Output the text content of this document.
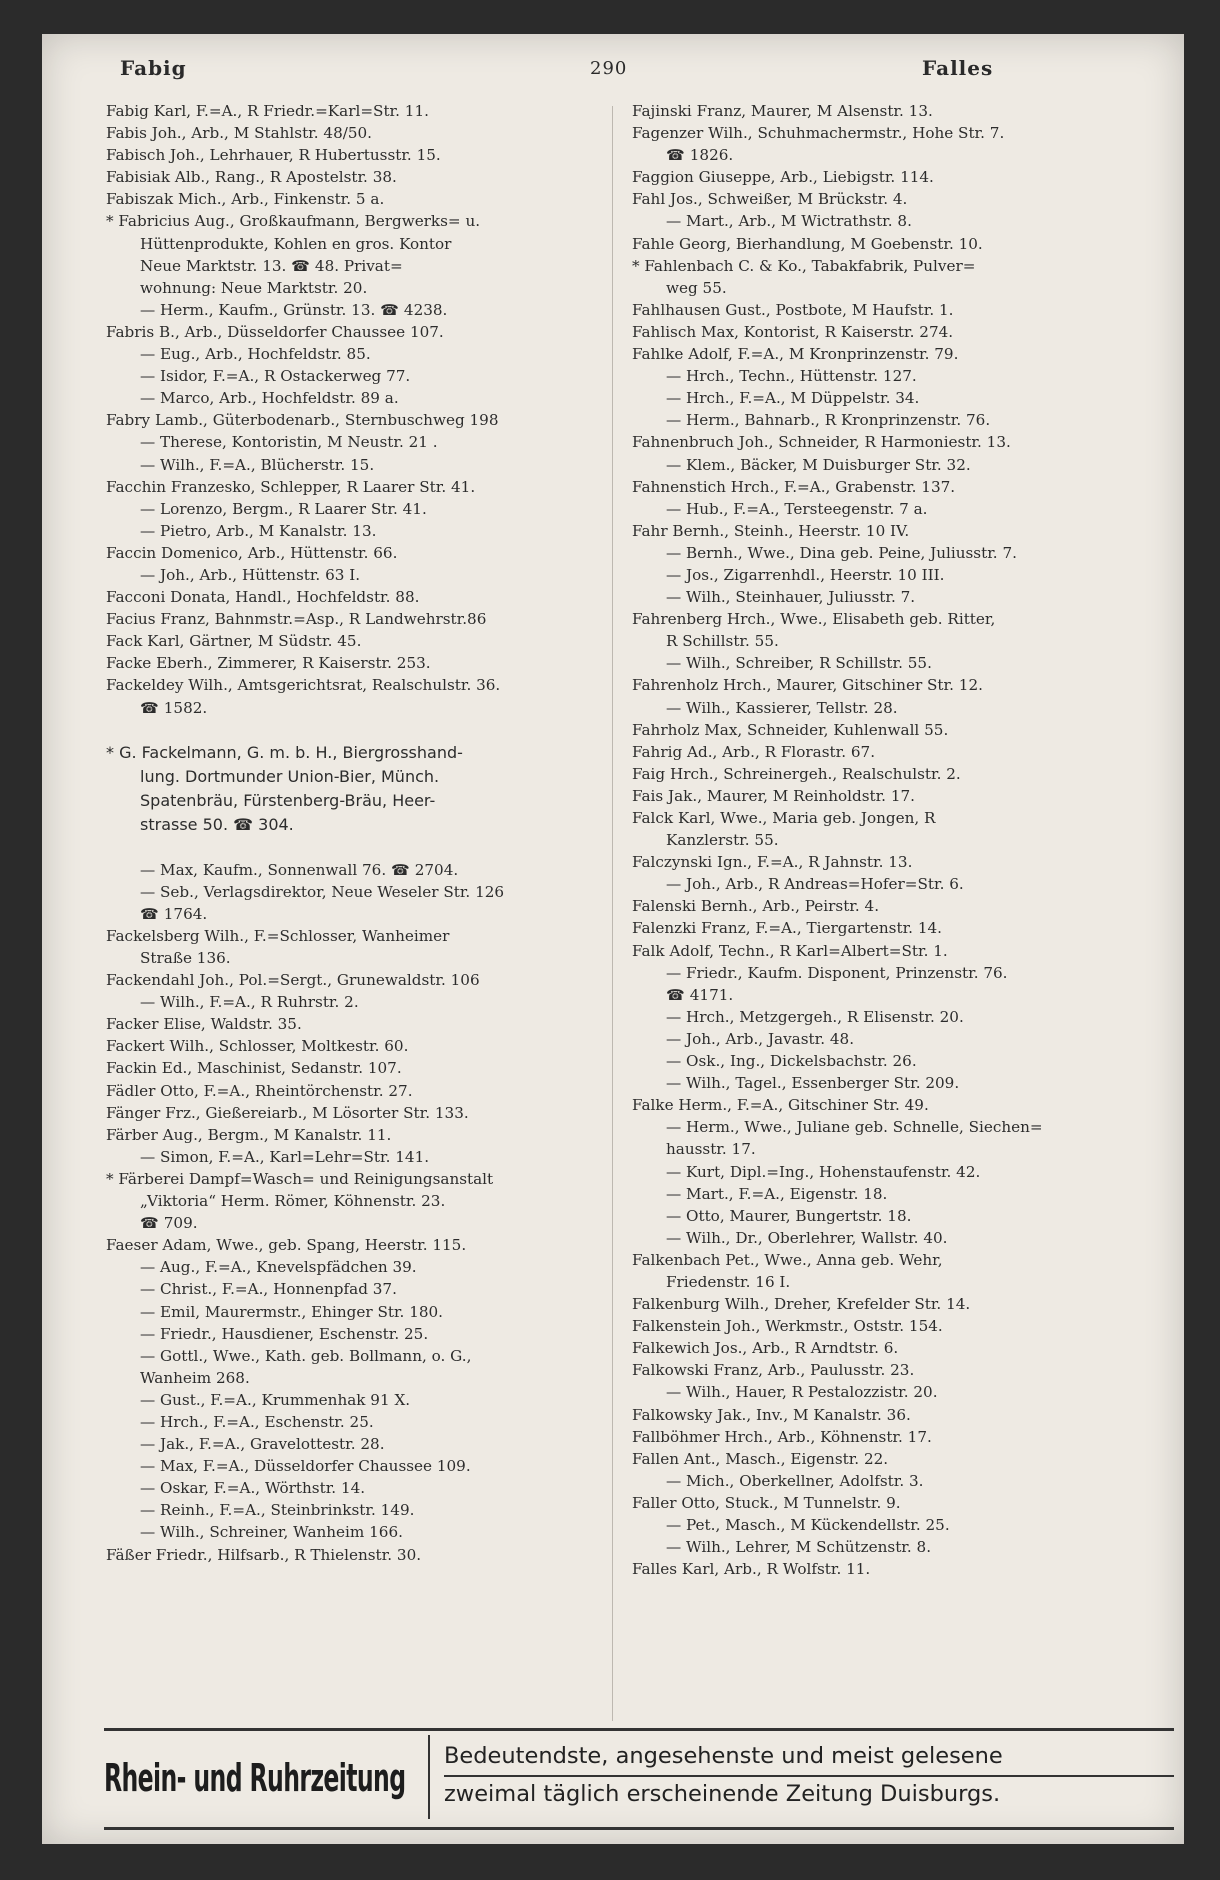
Fabig	290	Falles
Fabig Karl, F.=A., R Friedr.=Karl=Str. 11.
Fabis Joh., Arb., M Stahlstr. 48/50.
Fabisch Joh., Lehrhauer, R Hubertusstr. 15.
Fabisiak Alb., Rang., R Apostelstr. 38.
Fabiszak Mich., Arb., Finkenstr. 5 a.
* Fabricius Aug., Großkaufmann, Bergwerks= u.
Hüttenprodukte, Kohlen en gros. Kontor
Neue Marktstr. 13. ☎ 48. Privat=
wohnung: Neue Marktstr. 20.
— Herm., Kaufm., Grünstr. 13. ☎ 4238.
Fabris B., Arb., Düsseldorfer Chaussee 107.
— Eug., Arb., Hochfeldstr. 85.
— Isidor, F.=A., R Ostackerweg 77.
— Marco, Arb., Hochfeldstr. 89 a.
Fabry Lamb., Güterbodenarb., Sternbuschweg 198
— Therese, Kontoristin, M Neustr. 21 .
— Wilh., F.=A., Blücherstr. 15.
Facchin Franzesko, Schlepper, R Laarer Str. 41.
— Lorenzo, Bergm., R Laarer Str. 41.
— Pietro, Arb., M Kanalstr. 13.
Faccin Domenico, Arb., Hüttenstr. 66.
— Joh., Arb., Hüttenstr. 63 I.
Facconi Donata, Handl., Hochfeldstr. 88.
Facius Franz, Bahnmstr.=Asp., R Landwehrstr.86
Fack Karl, Gärtner, M Südstr. 45.
Facke Eberh., Zimmerer, R Kaiserstr. 253.
Fackeldey Wilh., Amtsgerichtsrat, Realschulstr. 36.
☎ 1582.
* G. Fackelmann, G. m. b. H., Biergrosshand-
lung. Dortmunder Union-Bier, Münch.
Spatenbräu, Fürstenberg-Bräu, Heer-
strasse 50. ☎ 304.
— Max, Kaufm., Sonnenwall 76. ☎ 2704.
— Seb., Verlagsdirektor, Neue Weseler Str. 126
☎ 1764.
Fackelsberg Wilh., F.=Schlosser, Wanheimer
Straße 136.
Fackendahl Joh., Pol.=Sergt., Grunewaldstr. 106
— Wilh., F.=A., R Ruhrstr. 2.
Facker Elise, Waldstr. 35.
Fackert Wilh., Schlosser, Moltkestr. 60.
Fackin Ed., Maschinist, Sedanstr. 107.
Fädler Otto, F.=A., Rheintörchenstr. 27.
Fänger Frz., Gießereiarb., M Lösorter Str. 133.
Färber Aug., Bergm., M Kanalstr. 11.
— Simon, F.=A., Karl=Lehr=Str. 141.
* Färberei Dampf=Wasch= und Reinigungsanstalt
„Viktoria“ Herm. Römer, Köhnenstr. 23.
☎ 709.
Faeser Adam, Wwe., geb. Spang, Heerstr. 115.
— Aug., F.=A., Knevelspfädchen 39.
— Christ., F.=A., Honnenpfad 37.
— Emil, Maurermstr., Ehinger Str. 180.
— Friedr., Hausdiener, Eschenstr. 25.
— Gottl., Wwe., Kath. geb. Bollmann, o. G.,
Wanheim 268.
— Gust., F.=A., Krummenhak 91 X.
— Hrch., F.=A., Eschenstr. 25.
— Jak., F.=A., Gravelottestr. 28.
— Max, F.=A., Düsseldorfer Chaussee 109.
— Oskar, F.=A., Wörthstr. 14.
— Reinh., F.=A., Steinbrinkstr. 149.
— Wilh., Schreiner, Wanheim 166.
Fäßer Friedr., Hilfsarb., R Thielenstr. 30.
Fajinski Franz, Maurer, M Alsenstr. 13.
Fagenzer Wilh., Schuhmachermstr., Hohe Str. 7.
☎ 1826.
Faggion Giuseppe, Arb., Liebigstr. 114.
Fahl Jos., Schweißer, M Brückstr. 4.
— Mart., Arb., M Wictrathstr. 8.
Fahle Georg, Bierhandlung, M Goebenstr. 10.
* Fahlenbach C. & Ko., Tabakfabrik, Pulver=
weg 55.
Fahlhausen Gust., Postbote, M Haufstr. 1.
Fahlisch Max, Kontorist, R Kaiserstr. 274.
Fahlke Adolf, F.=A., M Kronprinzenstr. 79.
— Hrch., Techn., Hüttenstr. 127.
— Hrch., F.=A., M Düppelstr. 34.
— Herm., Bahnarb., R Kronprinzenstr. 76.
Fahnenbruch Joh., Schneider, R Harmoniestr. 13.
— Klem., Bäcker, M Duisburger Str. 32.
Fahnenstich Hrch., F.=A., Grabenstr. 137.
— Hub., F.=A., Tersteegenstr. 7 a.
Fahr Bernh., Steinh., Heerstr. 10 IV.
— Bernh., Wwe., Dina geb. Peine, Juliusstr. 7.
— Jos., Zigarrenhdl., Heerstr. 10 III.
— Wilh., Steinhauer, Juliusstr. 7.
Fahrenberg Hrch., Wwe., Elisabeth geb. Ritter,
R Schillstr. 55.
— Wilh., Schreiber, R Schillstr. 55.
Fahrenholz Hrch., Maurer, Gitschiner Str. 12.
— Wilh., Kassierer, Tellstr. 28.
Fahrholz Max, Schneider, Kuhlenwall 55.
Fahrig Ad., Arb., R Florastr. 67.
Faig Hrch., Schreinergeh., Realschulstr. 2.
Fais Jak., Maurer, M Reinholdstr. 17.
Falck Karl, Wwe., Maria geb. Jongen, R
Kanzlerstr. 55.
Falczynski Ign., F.=A., R Jahnstr. 13.
— Joh., Arb., R Andreas=Hofer=Str. 6.
Falenski Bernh., Arb., Peirstr. 4.
Falenzki Franz, F.=A., Tiergartenstr. 14.
Falk Adolf, Techn., R Karl=Albert=Str. 1.
— Friedr., Kaufm. Disponent, Prinzenstr. 76.
☎ 4171.
— Hrch., Metzgergeh., R Elisenstr. 20.
— Joh., Arb., Javastr. 48.
— Osk., Ing., Dickelsbachstr. 26.
— Wilh., Tagel., Essenberger Str. 209.
Falke Herm., F.=A., Gitschiner Str. 49.
— Herm., Wwe., Juliane geb. Schnelle, Siechen=
hausstr. 17.
— Kurt, Dipl.=Ing., Hohenstaufenstr. 42.
— Mart., F.=A., Eigenstr. 18.
— Otto, Maurer, Bungertstr. 18.
— Wilh., Dr., Oberlehrer, Wallstr. 40.
Falkenbach Pet., Wwe., Anna geb. Wehr,
Friedenstr. 16 I.
Falkenburg Wilh., Dreher, Krefelder Str. 14.
Falkenstein Joh., Werkmstr., Oststr. 154.
Falkewich Jos., Arb., R Arndtstr. 6.
Falkowski Franz, Arb., Paulusstr. 23.
— Wilh., Hauer, R Pestalozzistr. 20.
Falkowsky Jak., Inv., M Kanalstr. 36.
Fallböhmer Hrch., Arb., Köhnenstr. 17.
Fallen Ant., Masch., Eigenstr. 22.
— Mich., Oberkellner, Adolfstr. 3.
Faller Otto, Stuck., M Tunnelstr. 9.
— Pet., Masch., M Kückendellstr. 25.
— Wilh., Lehrer, M Schützenstr. 8.
Falles Karl, Arb., R Wolfstr. 11.
Rhein- und Ruhrzeitung Bedeutendste, angesehenste und meist gelesene
zweimal täglich erscheinende Zeitung Duisburgs.
